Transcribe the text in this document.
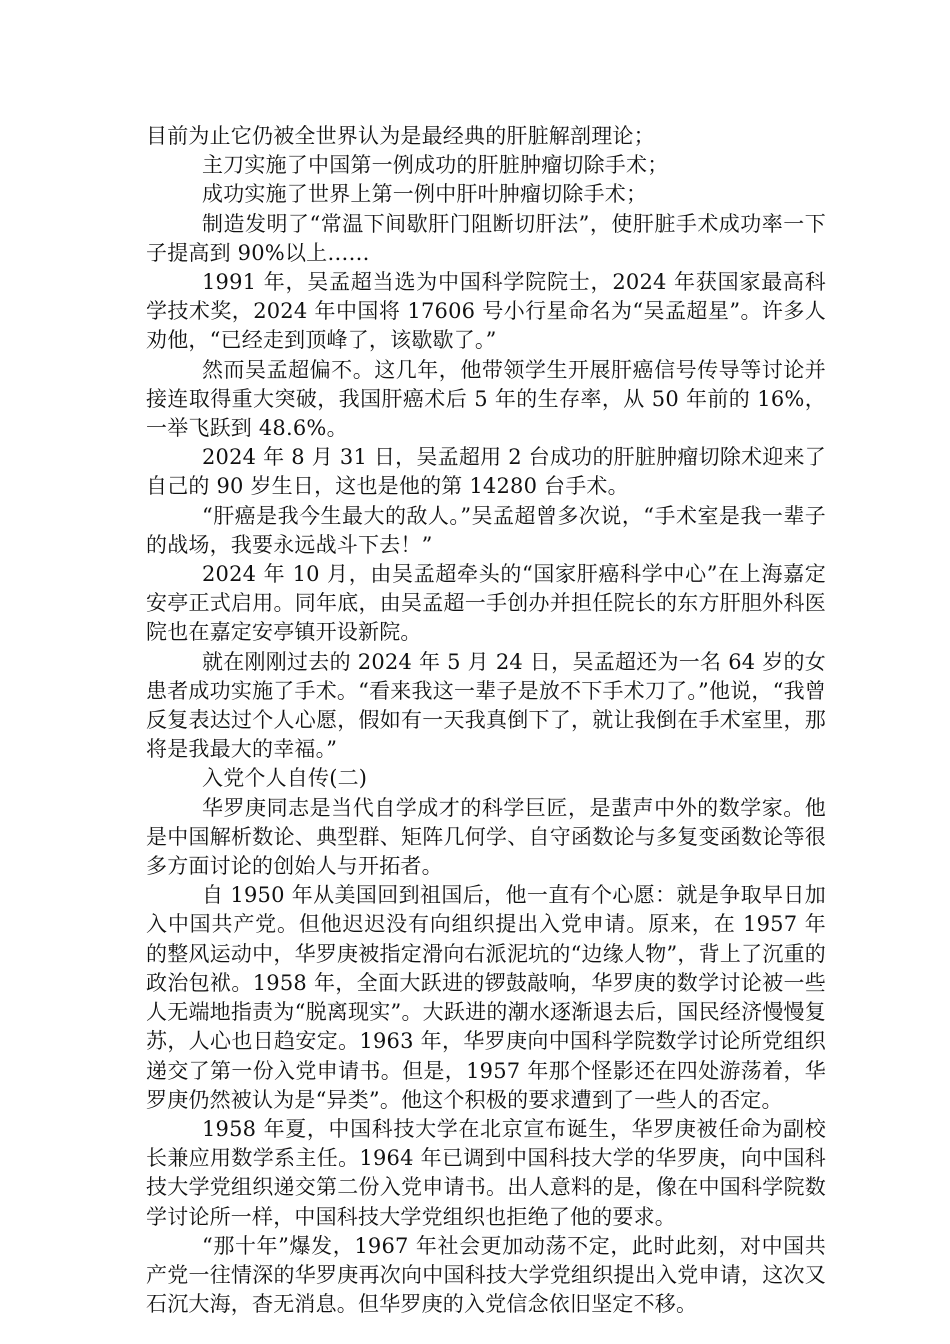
目前为止它仍被全世界认为是最经典的肝脏解剖理论；

主刀实施了中国第一例成功的肝脏肿瘤切除手术；

成功实施了世界上第一例中肝叶肿瘤切除手术；

制造发明了“常温下间歇肝门阻断切肝法”，使肝脏手术成功率一下子提高到 90%以上……

1991 年，吴孟超当选为中国科学院院士，2024 年获国家最高科学技术奖，2024 年中国将 17606 号小行星命名为“吴孟超星”。许多人劝他，“已经走到顶峰了，该歇歇了。”

然而吴孟超偏不。这几年，他带领学生开展肝癌信号传导等讨论并接连取得重大突破，我国肝癌术后 5 年的生存率，从 50 年前的 16%，一举飞跃到 48.6%。

2024 年 8 月 31 日，吴孟超用 2 台成功的肝脏肿瘤切除术迎来了自己的 90 岁生日，这也是他的第 14280 台手术。

“肝癌是我今生最大的敌人。”吴孟超曾多次说，“手术室是我一辈子的战场，我要永远战斗下去！”

2024 年 10 月，由吴孟超牵头的“国家肝癌科学中心”在上海嘉定安亭正式启用。同年底，由吴孟超一手创办并担任院长的东方肝胆外科医院也在嘉定安亭镇开设新院。

就在刚刚过去的 2024 年 5 月 24 日，吴孟超还为一名 64 岁的女患者成功实施了手术。“看来我这一辈子是放不下手术刀了。”他说，“我曾反复表达过个人心愿，假如有一天我真倒下了，就让我倒在手术室里，那将是我最大的幸福。”

入党个人自传(二)

华罗庚同志是当代自学成才的科学巨匠，是蜚声中外的数学家。他是中国解析数论、典型群、矩阵几何学、自守函数论与多复变函数论等很多方面讨论的创始人与开拓者。

自 1950 年从美国回到祖国后，他一直有个心愿：就是争取早日加入中国共产党。但他迟迟没有向组织提出入党申请。原来，在 1957 年的整风运动中，华罗庚被指定滑向右派泥坑的“边缘人物”，背上了沉重的政治包袱。1958 年，全面大跃进的锣鼓敲响，华罗庚的数学讨论被一些人无端地指责为“脱离现实”。大跃进的潮水逐渐退去后，国民经济慢慢复苏，人心也日趋安定。1963 年，华罗庚向中国科学院数学讨论所党组织递交了第一份入党申请书。但是，1957 年那个怪影还在四处游荡着，华罗庚仍然被认为是“异类”。他这个积极的要求遭到了一些人的否定。

1958 年夏，中国科技大学在北京宣布诞生，华罗庚被任命为副校长兼应用数学系主任。1964 年已调到中国科技大学的华罗庚，向中国科技大学党组织递交第二份入党申请书。出人意料的是，像在中国科学院数学讨论所一样，中国科技大学党组织也拒绝了他的要求。

“那十年”爆发，1967 年社会更加动荡不定，此时此刻，对中国共产党一往情深的华罗庚再次向中国科技大学党组织提出入党申请，这次又石沉大海，杳无消息。但华罗庚的入党信念依旧坚定不移。
